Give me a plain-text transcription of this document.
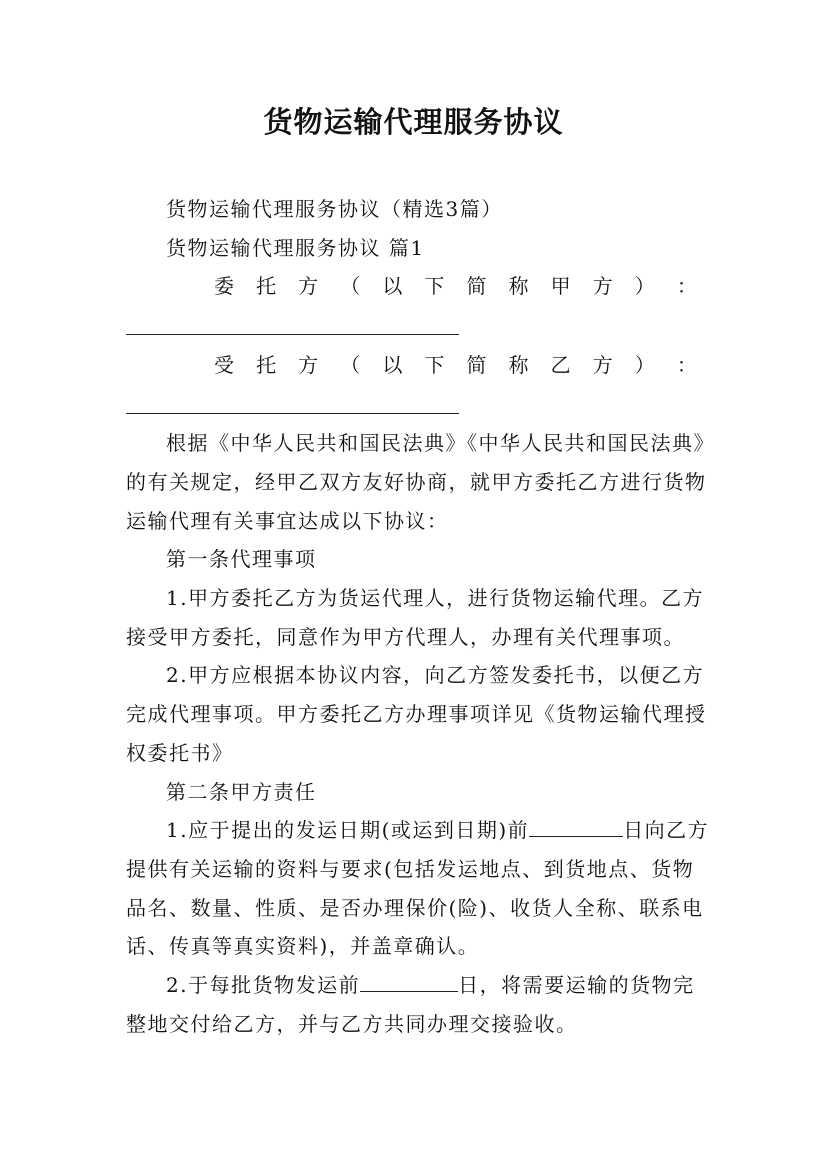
货物运输代理服务协议

货物运输代理服务协议（精选3篇）

货物运输代理服务协议 篇1

委 托 方 （ 以 下 简 称 甲 方 ） ：
受 托 方 （ 以 下 简 称 乙 方 ） ：

根据《中华人民共和国民法典》《中华人民共和国民法典》的有关规定，经甲乙双方友好协商，就甲方委托乙方进行货物运输代理有关事宜达成以下协议：

第一条代理事项

1.甲方委托乙方为货运代理人，进行货物运输代理。乙方接受甲方委托，同意作为甲方代理人，办理有关代理事项。

2.甲方应根据本协议内容，向乙方签发委托书，以便乙方完成代理事项。甲方委托乙方办理事项详见《货物运输代理授权委托书》

第二条甲方责任

1.应于提出的发运日期(或运到日期)前	日向乙方提供有关运输的资料与要求(包括发运地点、到货地点、货物品名、数量、性质、是否办理保价(险)、收货人全称、联系电话、传真等真实资料)，并盖章确认。

2.于每批货物发运前	日，将需要运输的货物完整地交付给乙方，并与乙方共同办理交接验收。
